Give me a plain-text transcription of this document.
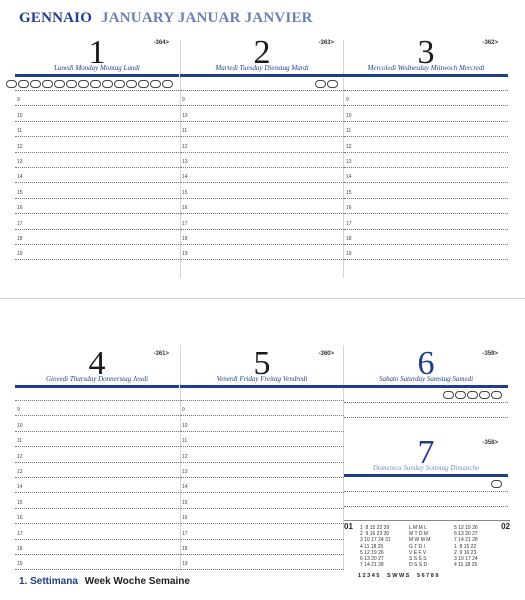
GENNAIO JANUARY JANUAR JANVIER
1	-364>
Lunedì Monday Montag Lundi
9
10
11
12
13
14
15
16
17
18
19
2	-363>
Martedì Tuesday Dienstag Mardi
9
10
11
12
13
14
15
16
17
18
19
3	-362>
Mercoledì Wednesday Mittwoch Mercredi
9
10
11
12
13
14
15
16
17
18
19
4	-361>
Giovedì Thursday Donnerstag Jeudi
9
10
11
12
13
14
15
16
17
18
19
5	-360>
Venerdì Friday Freitag Vendredi
9
10
11
12
13
14
15
16
17
18
19
6	-359>
Sabato Saturday Samstag Samedi
7	-358>
Domenica Sunday Sonntag Dimanche
01	02
1  8 15 22 29
2  9 16 23 30
3 10 17 24 31
4 11 18 25
5 12 19 26
6 13 20 27
7 14 21 28
L M M L
M T D M
M W M M
G T D I
V E F V
S S S S
D S S D
5 12 19 26
6 13 20 27
7 14 21 28
1  8 15 22
2  9 16 23
3 10 17 24
4 11 18 25
1 2 3 4 5     S W W S     5 6 7 8 9
1. Settimana Week Woche Semaine
